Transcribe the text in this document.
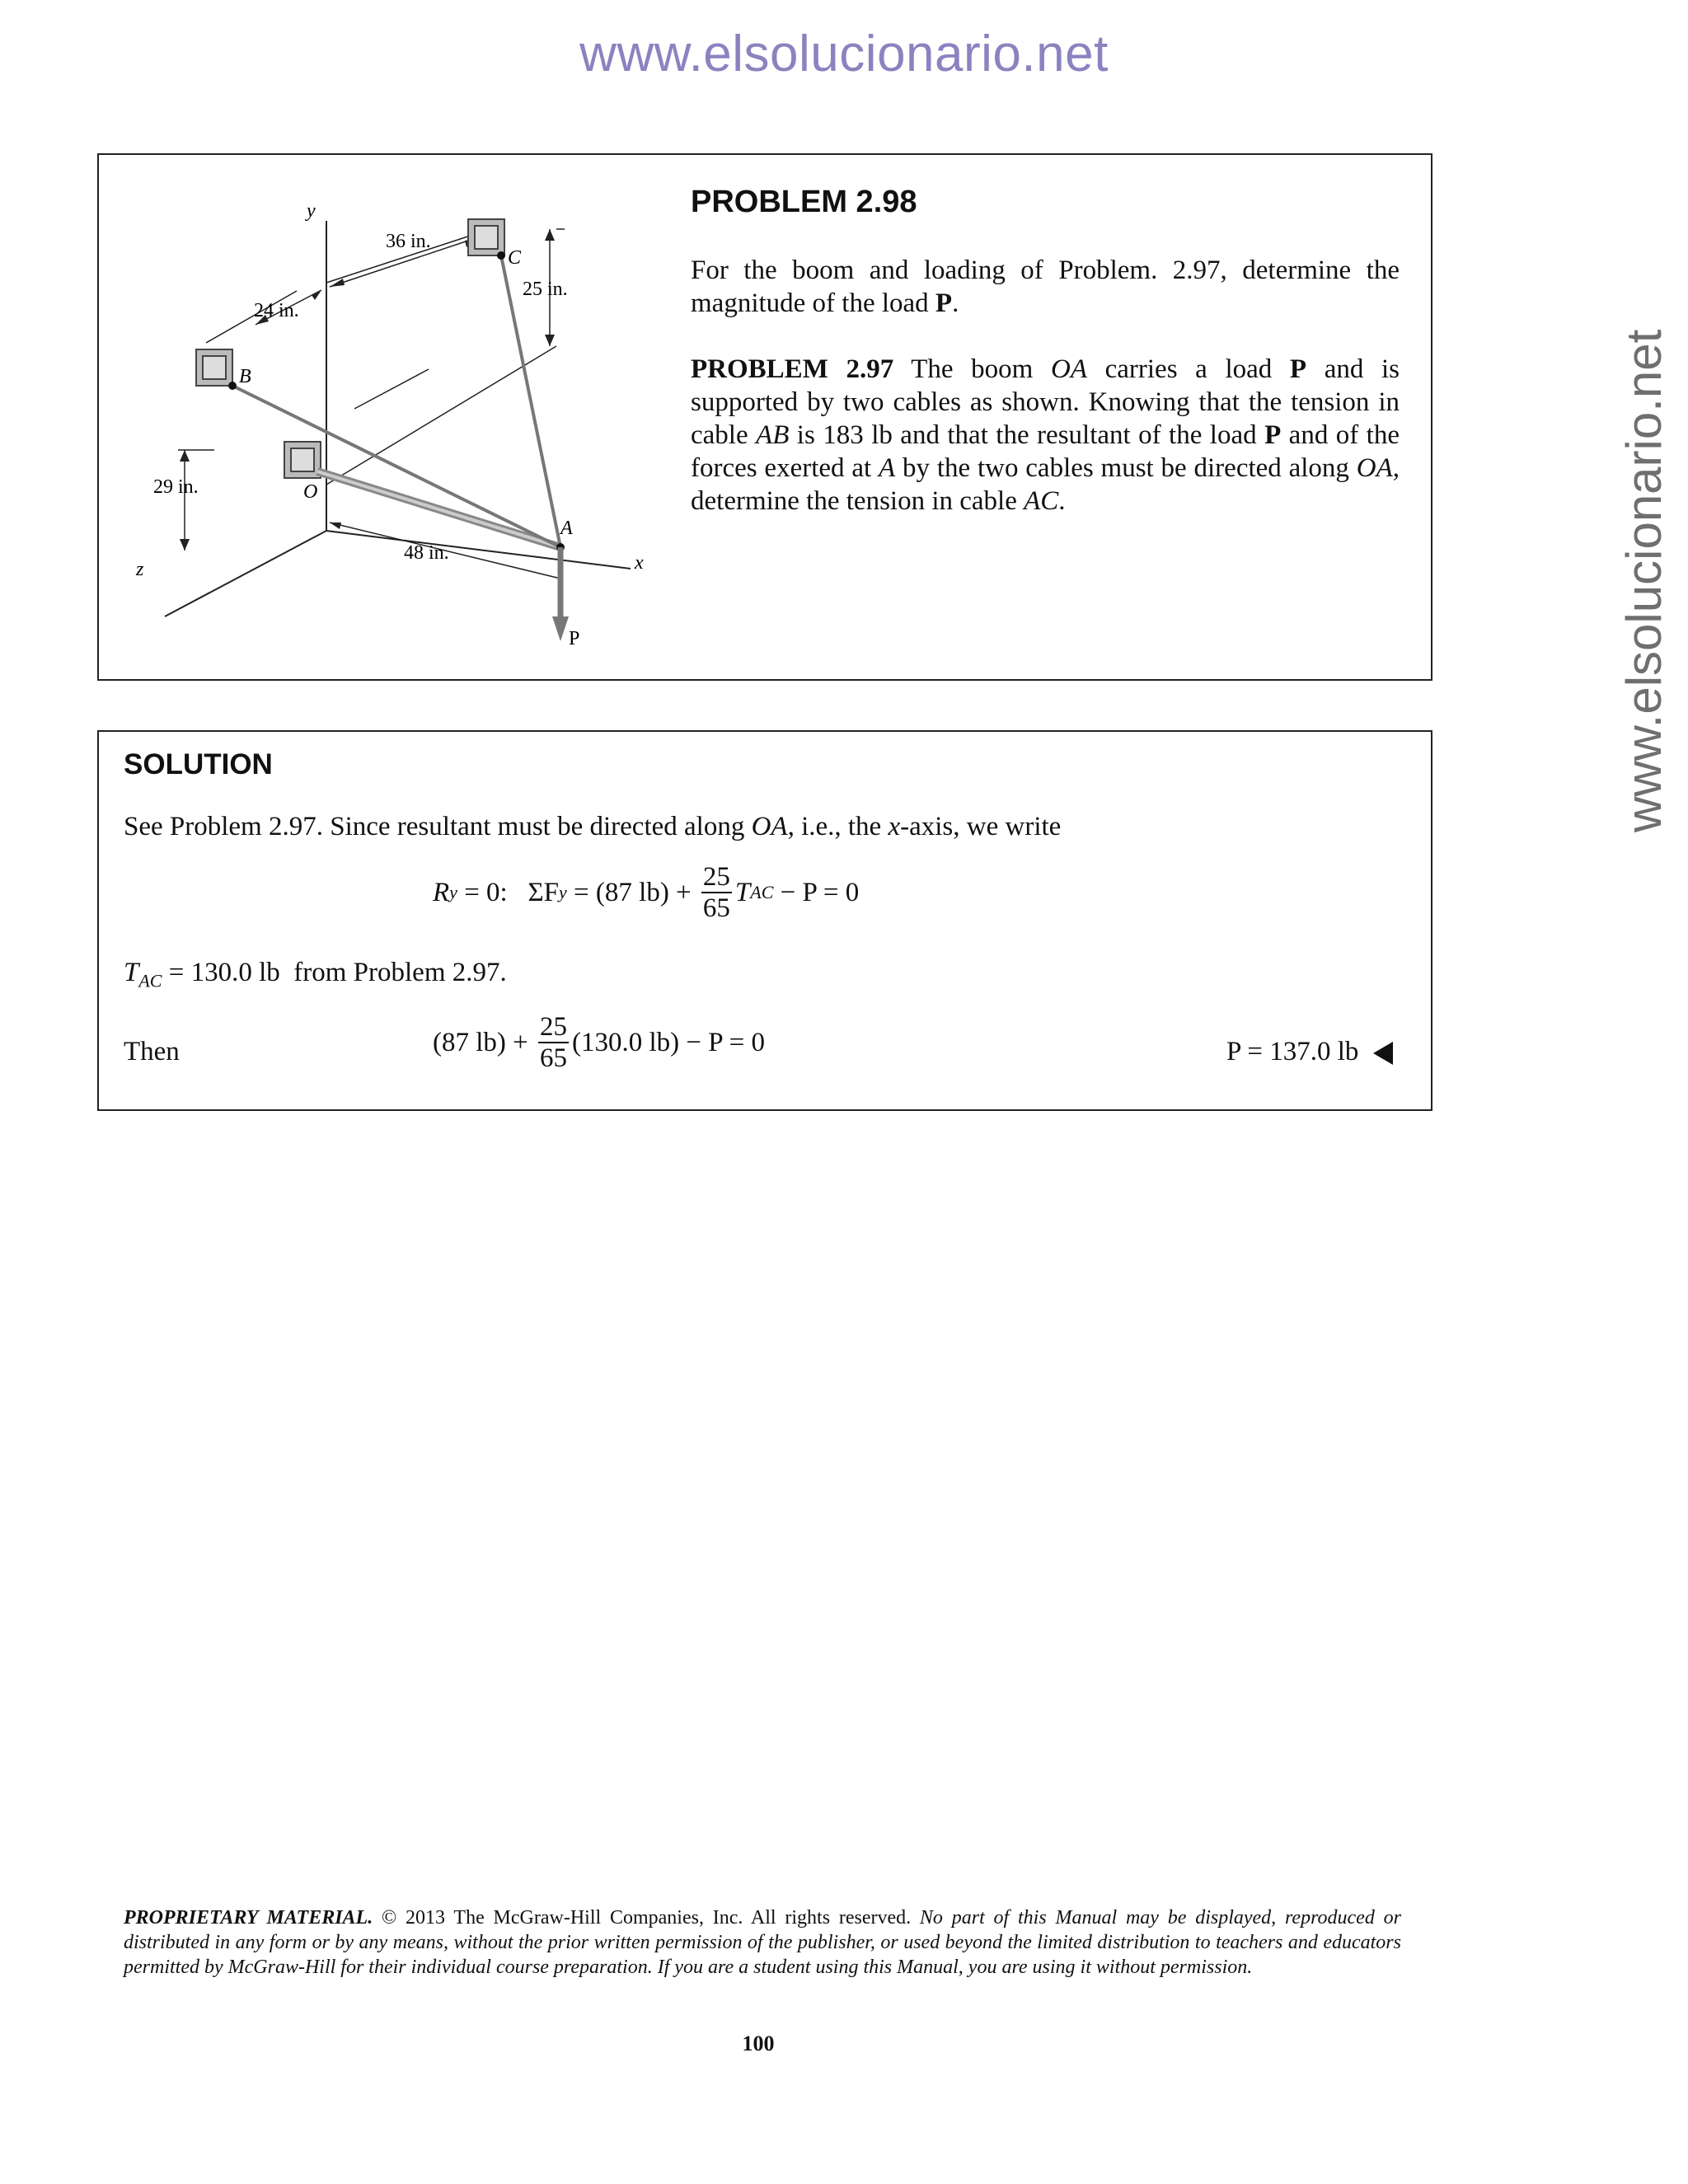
www.elsolucionario.net
www.elsolucionario.net
y
x
z
O
A
B
C
P
36 in.
24 in.
25 in.
29 in.
48 in.
PROBLEM 2.98
For the boom and loading of Problem. 2.97, determine the magnitude of the load P.
PROBLEM 2.97 The boom OA carries a load P and is supported by two cables as shown. Knowing that the tension in cable AB is 183 lb and that the resultant of the load P and of the forces exerted at A by the two cables must be directed along OA, determine the tension in cable AC.
SOLUTION
See Problem 2.97. Since resultant must be directed along OA, i.e., the x-axis, we write
R y = 0:   ΣF y = (87 $lb) + \frac{25}{65}$ T AC − P = 0
$T_{AC} = 130.0$ lb  from Problem 2.97.
Then	(87 $lb) + \frac{25}{65} (130.0$ lb) − P = 0	P = 137.0 lb
PROPRIETARY MATERIAL. © 2013 The McGraw-Hill Companies, Inc. All rights reserved. No part of this Manual may be displayed, reproduced or distributed in any form or by any means, without the prior written permission of the publisher, or used beyond the limited distribution to teachers and educators permitted by McGraw-Hill for their individual course preparation. If you are a student using this Manual, you are using it without permission.
100
